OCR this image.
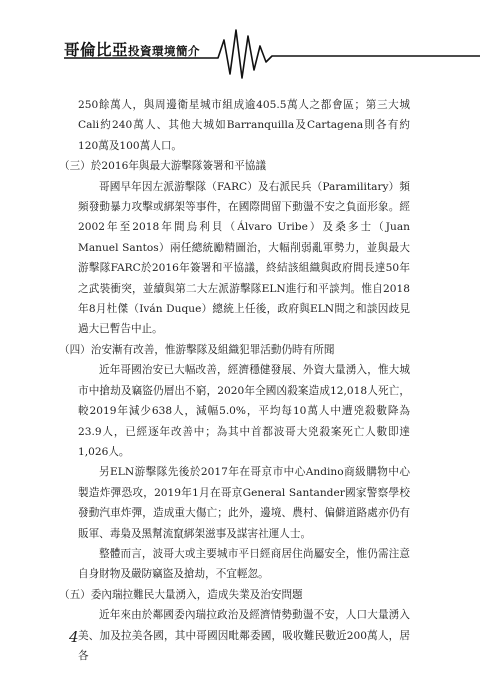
哥倫比亞投資環境簡介

250餘萬人，與周邊衛星城市組成逾405.5萬人之都會區；第三大城Cali約240萬人、其他大城如Barranquilla及Cartagena則各有約120萬及100萬人口。

（三）於2016年與最大游擊隊簽署和平協議

哥國早年因左派游擊隊（FARC）及右派民兵（Paramilitary）頻頻發動暴力攻擊或綁架等事件，在國際間留下動盪不安之負面形象。經2002年至2018年間烏利貝（Álvaro Uribe）及桑多士（Juan Manuel Santos）兩任總統勵精圖治，大幅削弱亂軍勢力，並與最大游擊隊FARC於2016年簽署和平協議，終結該組織與政府間長達50年之武裝衝突，並續與第二大左派游擊隊ELN進行和平談判。惟自2018年8月杜傑（Iván Duque）總統上任後，政府與ELN間之和談因歧見過大已暫告中止。

（四）治安漸有改善，惟游擊隊及組織犯罪活動仍時有所聞

近年哥國治安已大幅改善，經濟穩健發展、外資大量湧入，惟大城市中搶劫及竊盜仍層出不窮，2020年全國凶殺案造成12,018人死亡，較2019年減少638人，減幅5.0%，平均每10萬人中遭兇殺數降為23.9人，已經逐年改善中；為其中首都波哥大兇殺案死亡人數即達1,026人。

另ELN游擊隊先後於2017年在哥京市中心Andino商級購物中心製造炸彈恐攻，2019年1月在哥京General Santander國家警察學校發動汽車炸彈，造成重大傷亡；此外，邊境、農村、偏僻道路處亦仍有販軍、毒梟及黑幫流竄綁架滋事及謀害社運人士。

整體而言，波哥大或主要城市平日經商居住尚屬安全，惟仍需注意自身財物及嚴防竊盜及搶劫，不宜輕忽。

（五）委內瑞拉難民大量湧入，造成失業及治安問題

近年來由於鄰國委內瑞拉政治及經濟情勢動盪不安，人口大量湧入美、加及拉美各國，其中哥國因毗鄰委國，吸收難民數近200萬人，居各

4
